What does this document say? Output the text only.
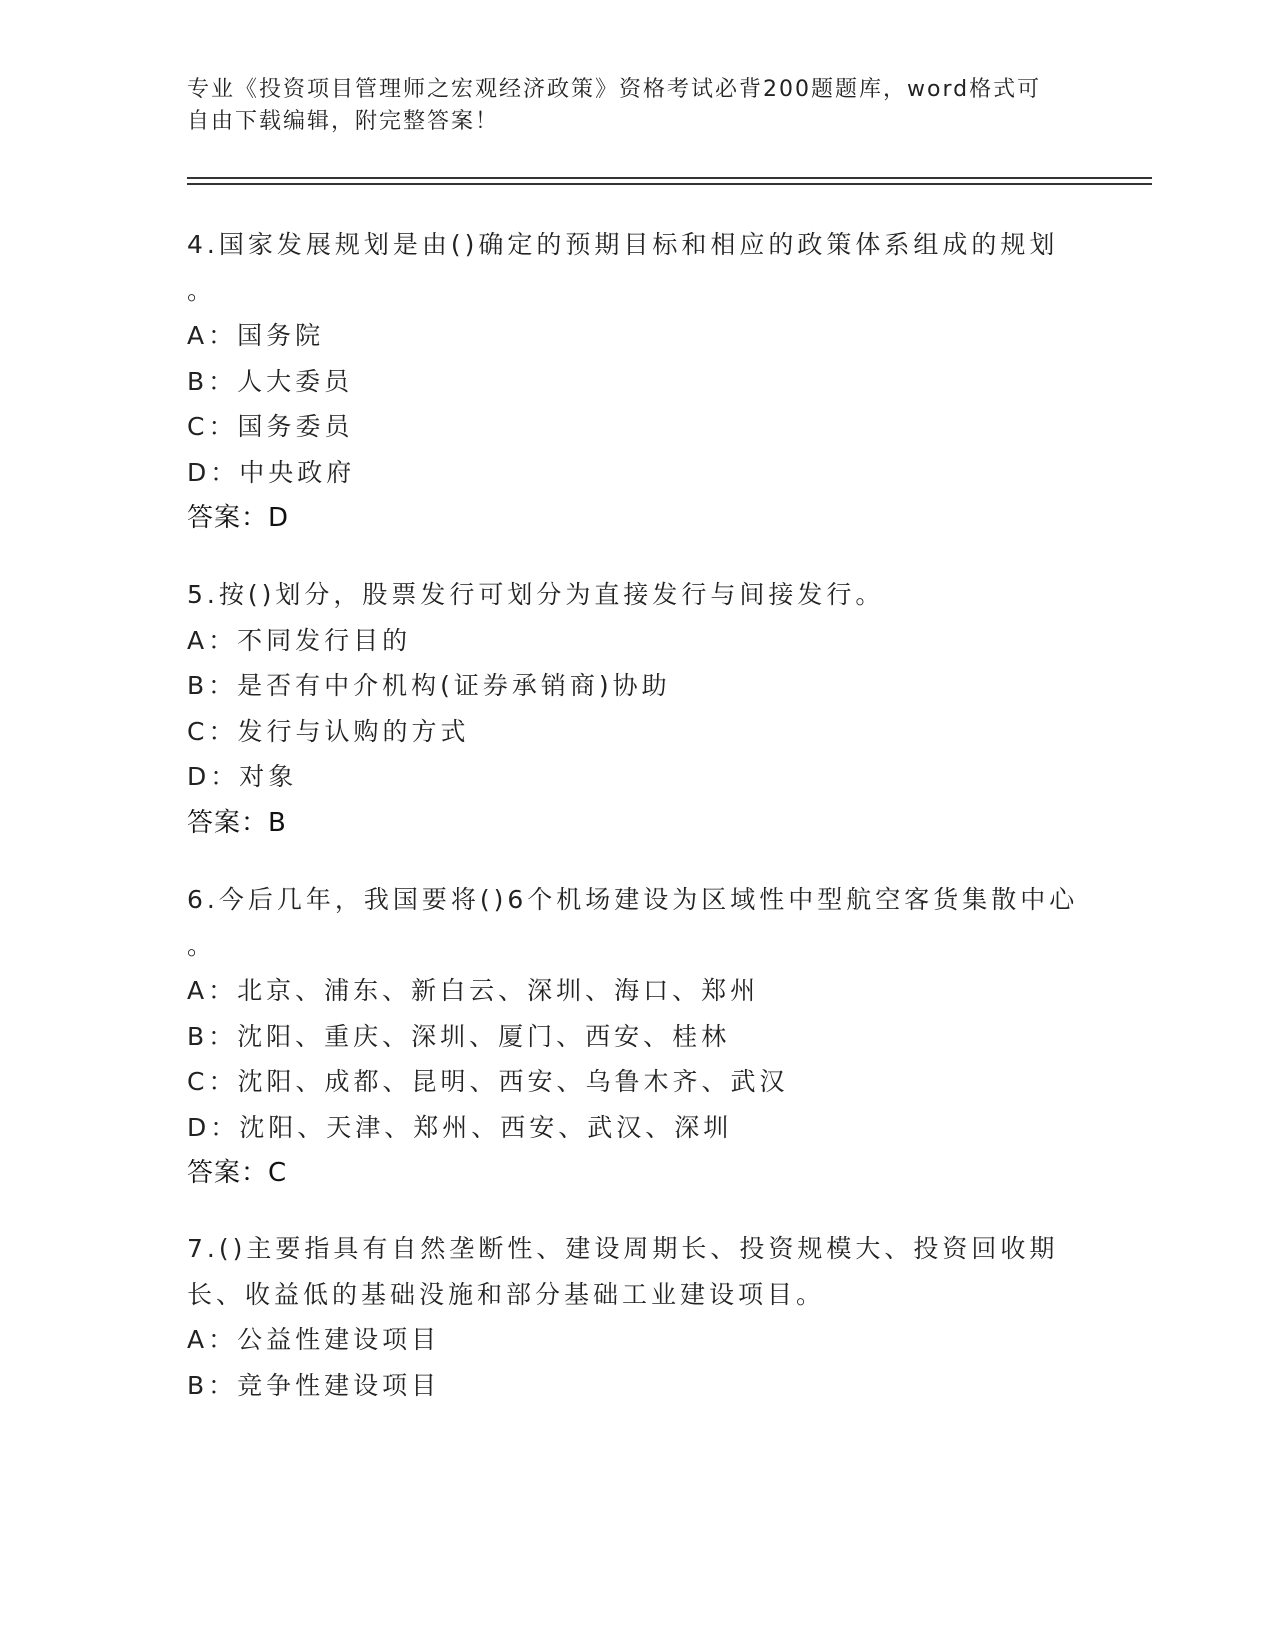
专业《投资项目管理师之宏观经济政策》资格考试必背200题题库，word格式可
自由下载编辑，附完整答案！
4.国家发展规划是由()确定的预期目标和相应的政策体系组成的规划
。
A：国务院
B：人大委员
C：国务委员
D：中央政府
答案：D
5.按()划分，股票发行可划分为直接发行与间接发行。
A：不同发行目的
B：是否有中介机构(证券承销商)协助
C：发行与认购的方式
D：对象
答案：B
6.今后几年，我国要将()6个机场建设为区域性中型航空客货集散中心
。
A：北京、浦东、新白云、深圳、海口、郑州
B：沈阳、重庆、深圳、厦门、西安、桂林
C：沈阳、成都、昆明、西安、乌鲁木齐、武汉
D：沈阳、天津、郑州、西安、武汉、深圳
答案：C
7.()主要指具有自然垄断性、建设周期长、投资规模大、投资回收期
长、收益低的基础没施和部分基础工业建设项目。
A：公益性建设项目
B：竞争性建设项目
